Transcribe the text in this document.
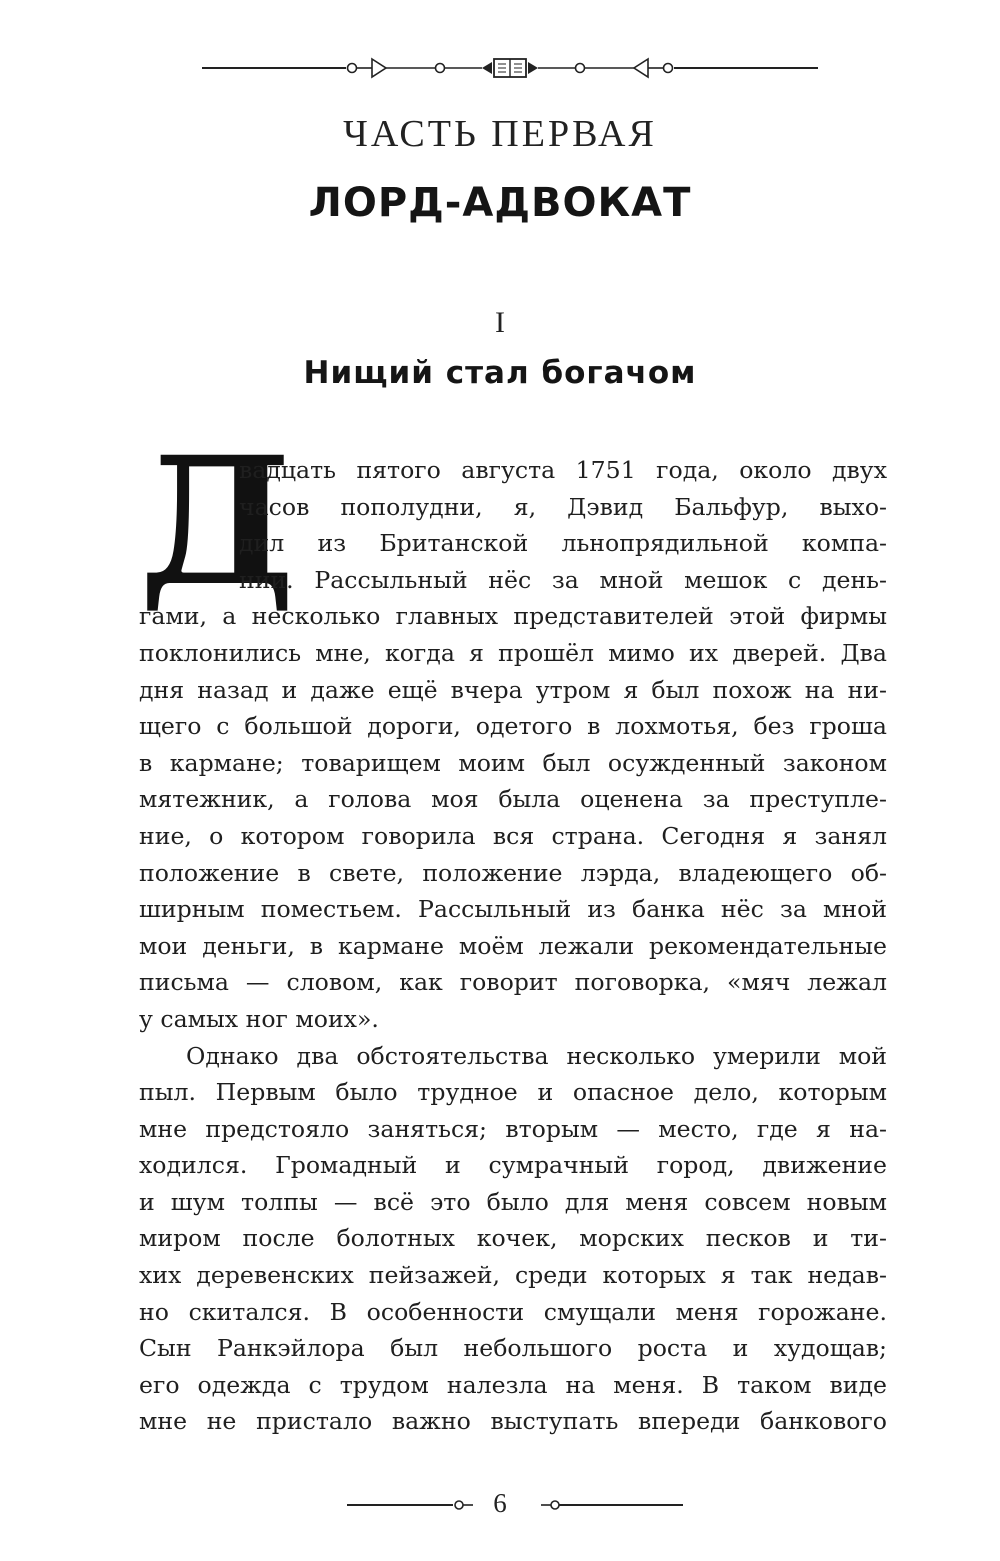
ЧАСТЬ ПЕРВАЯ
ЛОРД-АДВОКАТ
I
Нищий стал богачом
Д
вадцать пятого августа 1751 года, около двух
часов пополудни, я, Дэвид Бальфур, выхо-
дил из Британской льнопрядильной компа-
нии. Рассыльный нёс за мной мешок с день-
гами, а несколько главных представителей этой фирмы
поклонились мне, когда я прошёл мимо их дверей. Два
дня назад и даже ещё вчера утром я был похож на ни-
щего с большой дороги, одетого в лохмотья, без гроша
в кармане; товарищем моим был осужденный законом
мятежник, а голова моя была оценена за преступле-
ние, о котором говорила вся страна. Сегодня я занял
положение в свете, положение лэрда, владеющего об-
ширным поместьем. Рассыльный из банка нёс за мной
мои деньги, в кармане моём лежали рекомендательные
письма — словом, как говорит поговорка, «мяч лежал
у самых ног моих».
Однако два обстоятельства несколько умерили мой
пыл. Первым было трудное и опасное дело, которым
мне предстояло заняться; вторым — место, где я на-
ходился. Громадный и сумрачный город, движение
и шум толпы — всё это было для меня совсем новым
миром после болотных кочек, морских песков и ти-
хих деревенских пейзажей, среди которых я так недав-
но скитался. В особенности смущали меня горожане.
Сын Ранкэйлора был небольшого роста и худощав;
его одежда с трудом налезла на меня. В таком виде
мне не пристало важно выступать впереди банкового
6
